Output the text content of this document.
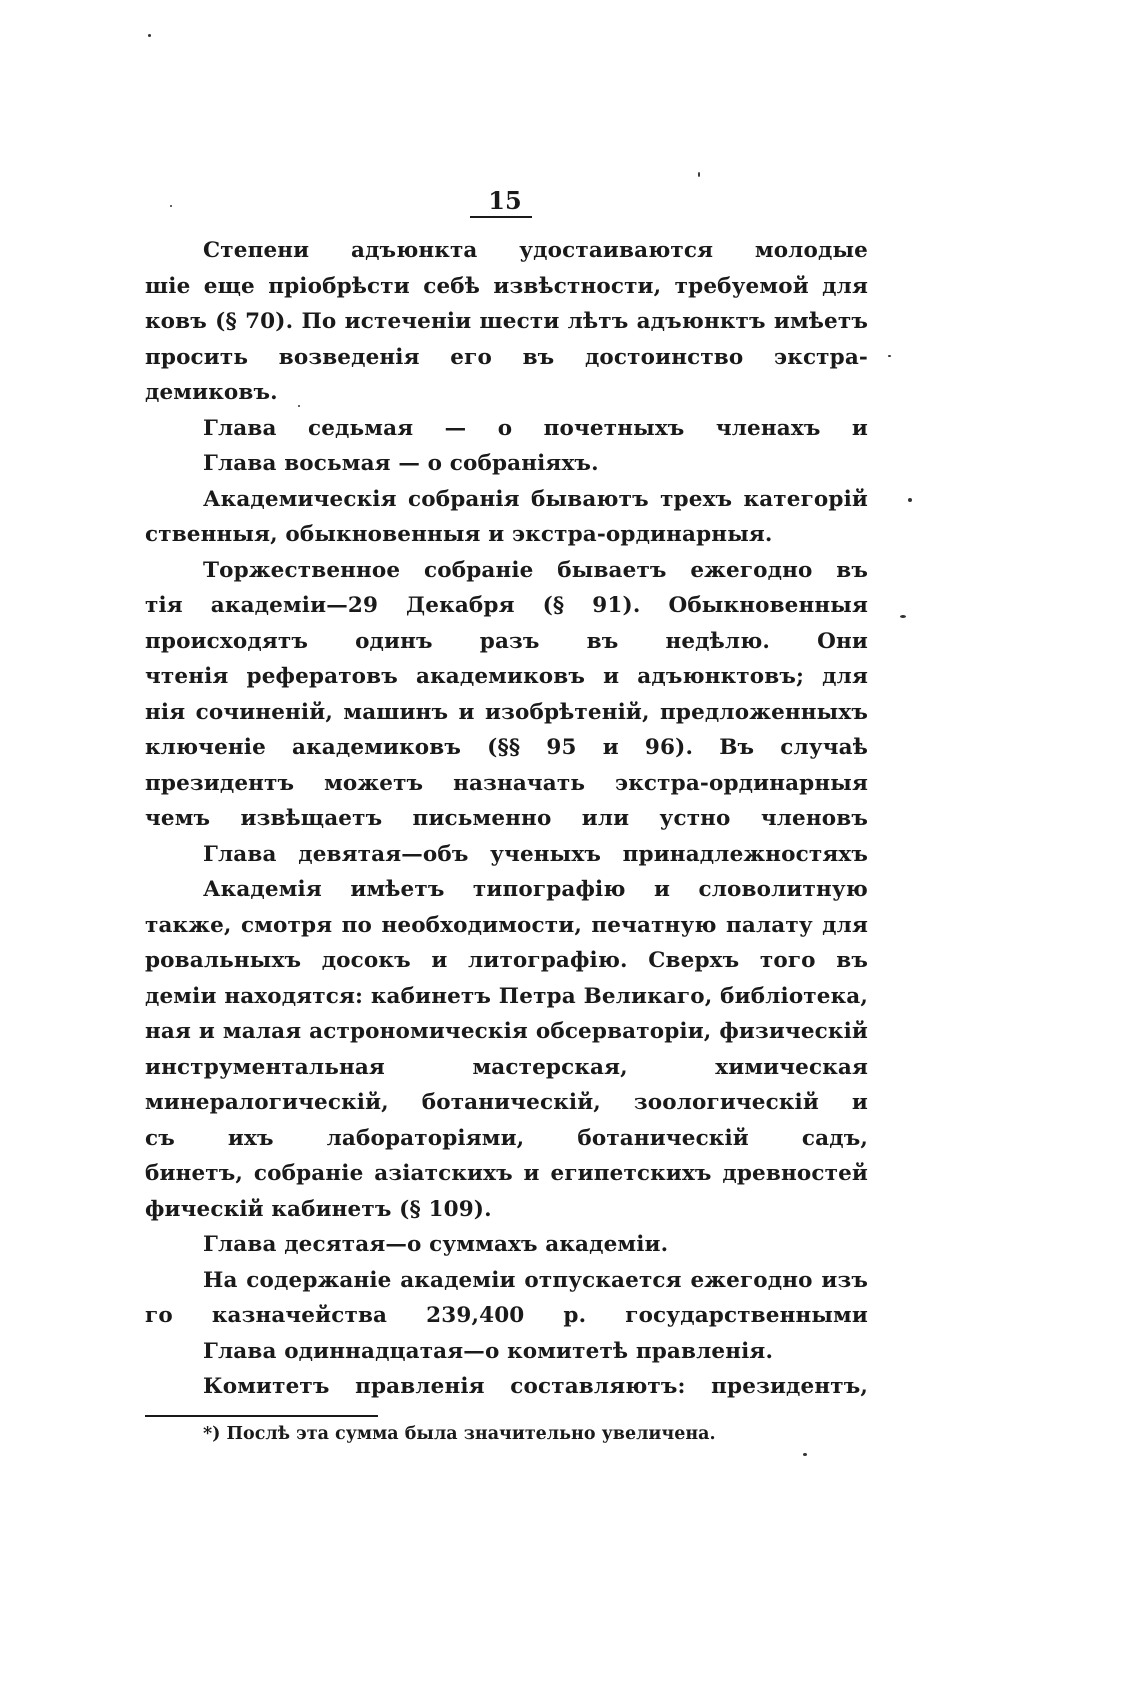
15
Степени адъюнкта удостаиваются молодые
шіе еще пріобрѣсти себѣ извѣстности, требуемой для
ковъ (§ 70). По истеченіи шести лѣтъ адъюнктъ имѣетъ
просить возведенія его въ достоинство экстра-
демиковъ.
Глава седьмая — о почетныхъ членахъ и
Глава восьмая — о собраніяхъ.
Академическія собранія бываютъ трехъ категорій
ственныя, обыкновенныя и экстра-ординарныя.
Торжественное собраніе бываетъ ежегодно въ
тія академіи—29 Декабря (§ 91). Обыкновенныя
происходятъ одинъ разъ въ недѣлю. Они
чтенія рефератовъ академиковъ и адъюнктовъ; для
нія сочиненій, машинъ и изобрѣтеній, предложенныхъ
ключеніе академиковъ (§§ 95 и 96). Въ случаѣ
президентъ можетъ назначать экстра-ординарныя
чемъ извѣщаетъ письменно или устно членовъ
Глава девятая—объ ученыхъ принадлежностяхъ
Академія имѣетъ типографію и словолитную
также, смотря по необходимости, печатную палату для
ровальныхъ досокъ и литографію. Сверхъ того въ
деміи находятся: кабинетъ Петра Великаго, библіотека,
ная и малая астрономическія обсерваторіи, физическій
инструментальная мастерская, химическая
минералогическій, ботаническій, зоологическій и
съ ихъ лабораторіями, ботаническій садъ,
бинетъ, собраніе азіатскихъ и египетскихъ древностей
фическій кабинетъ (§ 109).
Глава десятая—о суммахъ академіи.
На содержаніе академіи отпускается ежегодно изъ
го казначейства 239,400 р. государственными
Глава одиннадцатая—о комитетѣ правленія.
Комитетъ правленія составляютъ: президентъ,
*) Послѣ эта сумма была значительно увеличена.
